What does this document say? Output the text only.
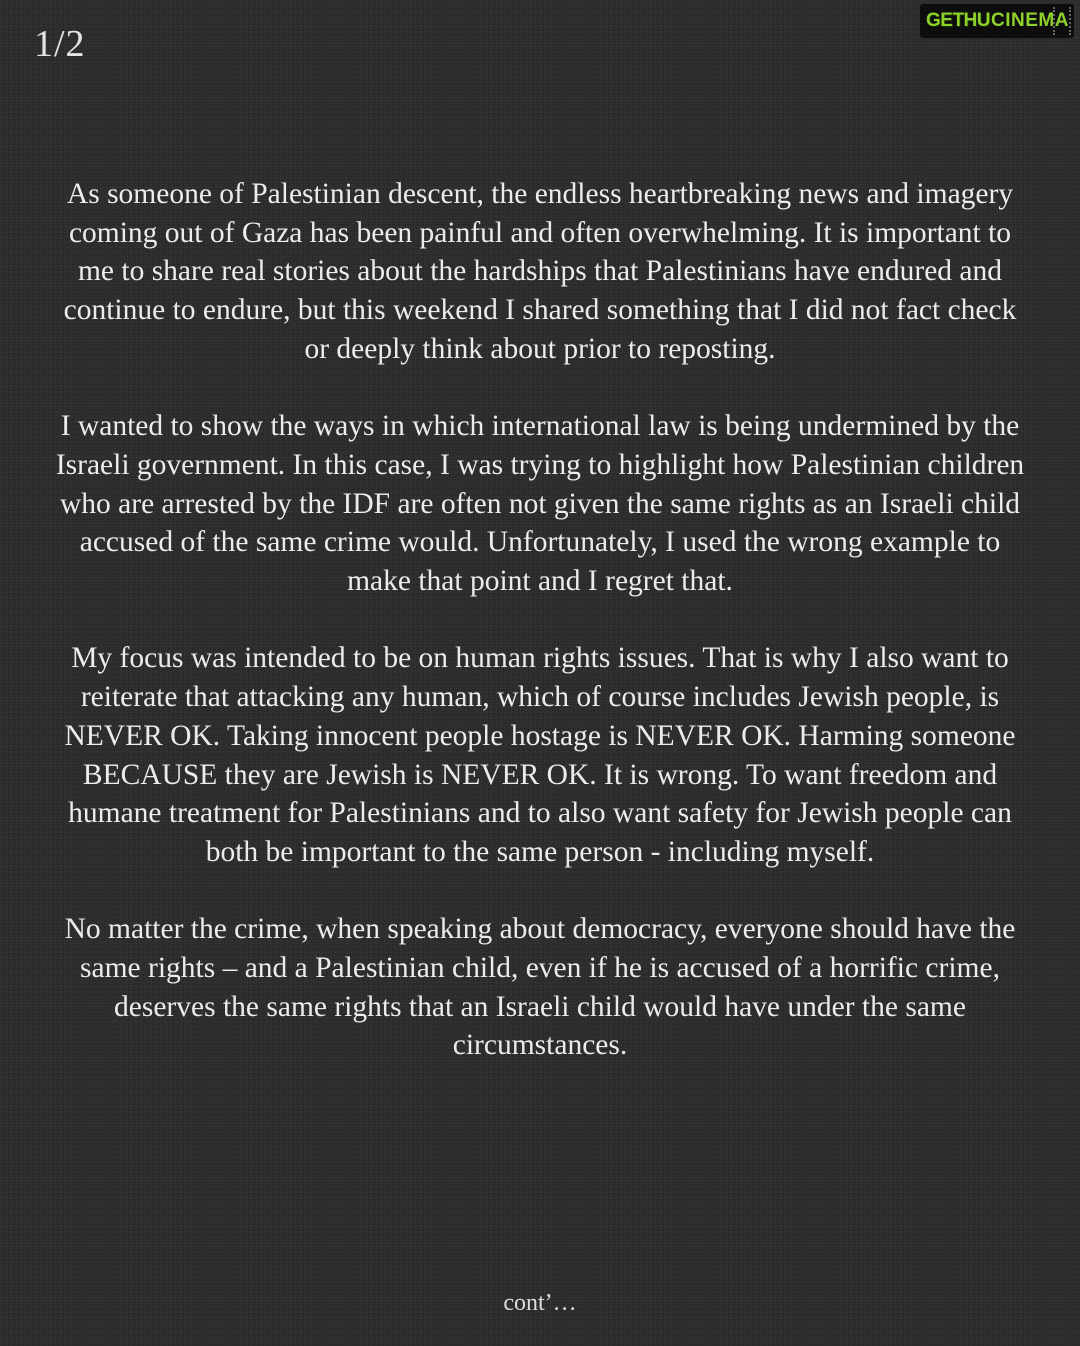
1/2
GETHU CINEMA

As someone of Palestinian descent, the endless heartbreaking news and imagery coming out of Gaza has been painful and often overwhelming. It is important to me to share real stories about the hardships that Palestinians have endured and continue to endure, but this weekend I shared something that I did not fact check or deeply think about prior to reposting.

I wanted to show the ways in which international law is being undermined by the Israeli government. In this case, I was trying to highlight how Palestinian children who are arrested by the IDF are often not given the same rights as an Israeli child accused of the same crime would. Unfortunately, I used the wrong example to make that point and I regret that.

My focus was intended to be on human rights issues. That is why I also want to reiterate that attacking any human, which of course includes Jewish people, is NEVER OK. Taking innocent people hostage is NEVER OK. Harming someone BECAUSE they are Jewish is NEVER OK. It is wrong. To want freedom and humane treatment for Palestinians and to also want safety for Jewish people can both be important to the same person - including myself.

No matter the crime, when speaking about democracy, everyone should have the same rights – and a Palestinian child, even if he is accused of a horrific crime, deserves the same rights that an Israeli child would have under the same circumstances.

cont’…
